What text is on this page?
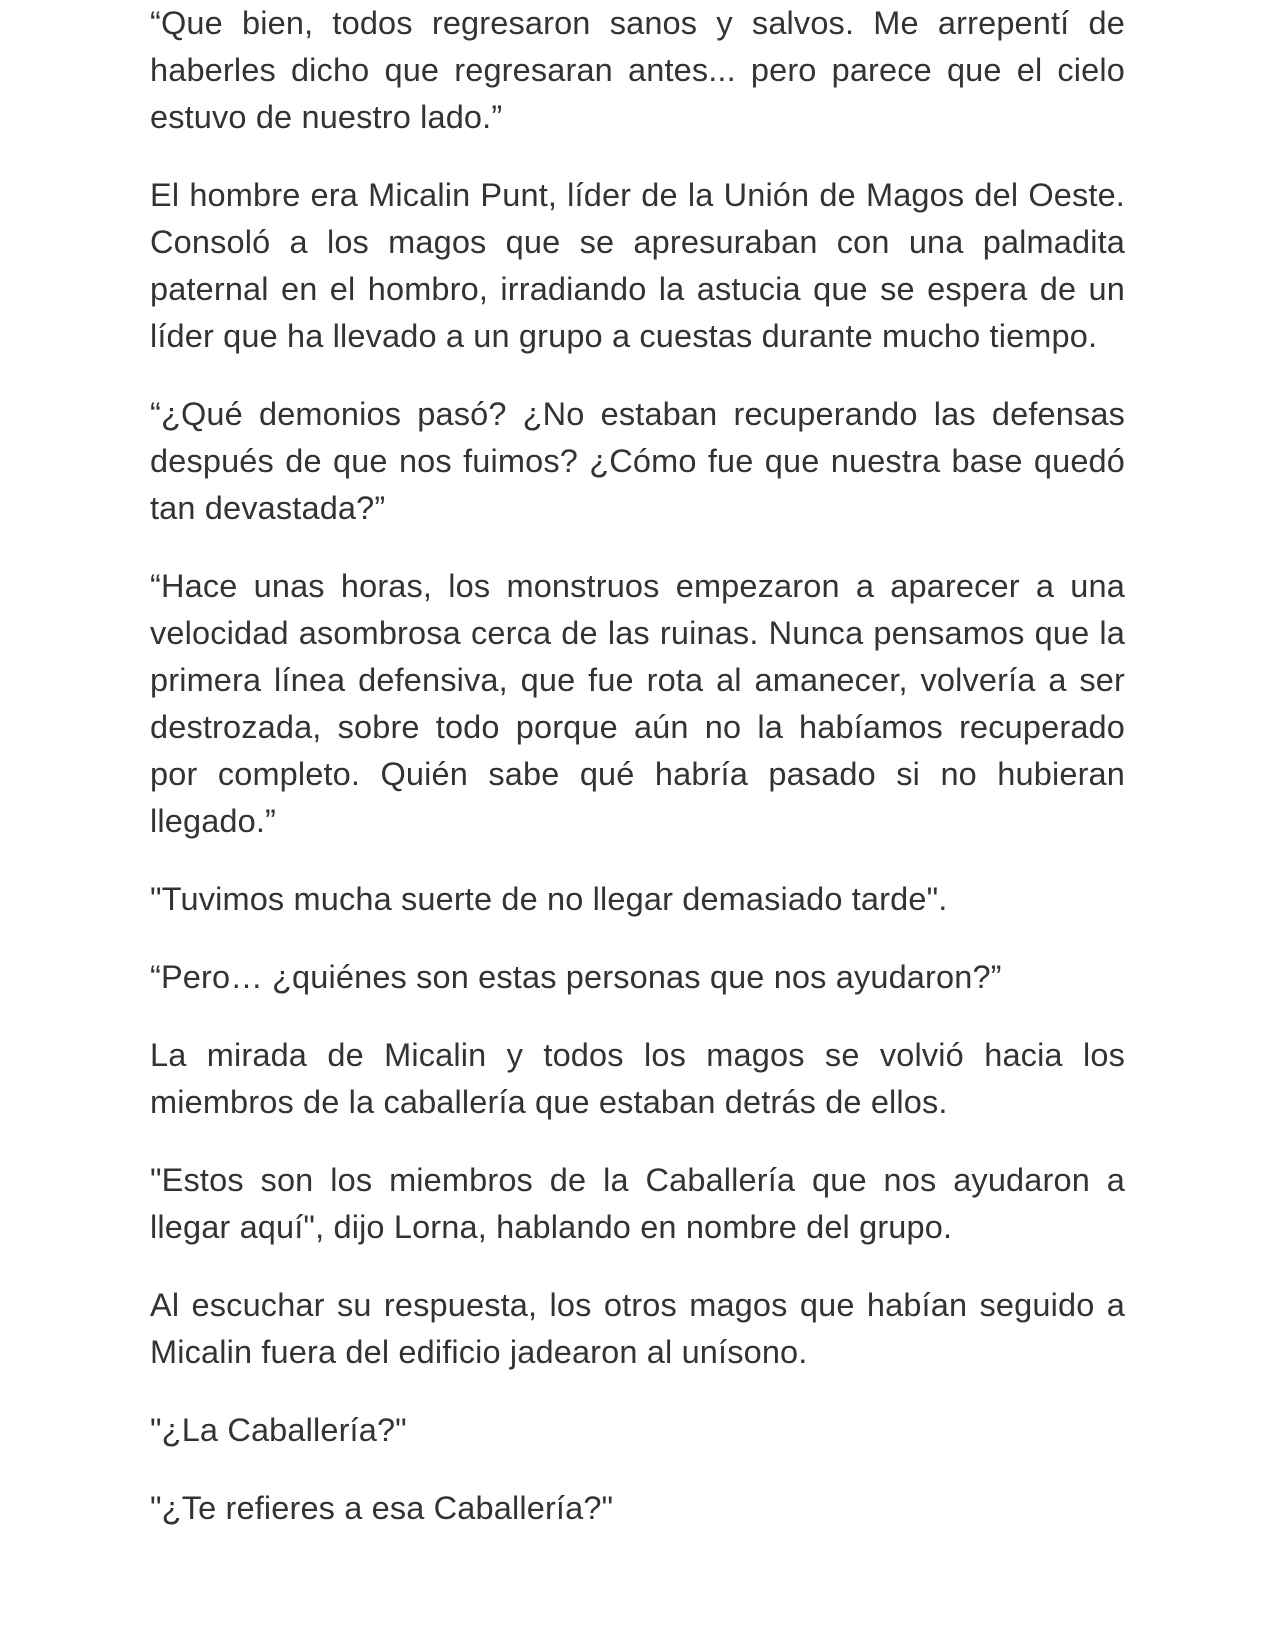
“Que bien, todos regresaron sanos y salvos. Me arrepentí de haberles dicho que regresaran antes... pero parece que el cielo estuvo de nuestro lado.”

El hombre era Micalin Punt, líder de la Unión de Magos del Oeste. Consoló a los magos que se apresuraban con una palmadita paternal en el hombro, irradiando la astucia que se espera de un líder que ha llevado a un grupo a cuestas durante mucho tiempo.

“¿Qué demonios pasó? ¿No estaban recuperando las defensas después de que nos fuimos? ¿Cómo fue que nuestra base quedó tan devastada?”

“Hace unas horas, los monstruos empezaron a aparecer a una velocidad asombrosa cerca de las ruinas. Nunca pensamos que la primera línea defensiva, que fue rota al amanecer, volvería a ser destrozada, sobre todo porque aún no la habíamos recuperado por completo. Quién sabe qué habría pasado si no hubieran llegado.”

"Tuvimos mucha suerte de no llegar demasiado tarde".

“Pero… ¿quiénes son estas personas que nos ayudaron?”

La mirada de Micalin y todos los magos se volvió hacia los miembros de la caballería que estaban detrás de ellos.

"Estos son los miembros de la Caballería que nos ayudaron a llegar aquí", dijo Lorna, hablando en nombre del grupo.

Al escuchar su respuesta, los otros magos que habían seguido a Micalin fuera del edificio jadearon al unísono.

"¿La Caballería?"

"¿Te refieres a esa Caballería?"
